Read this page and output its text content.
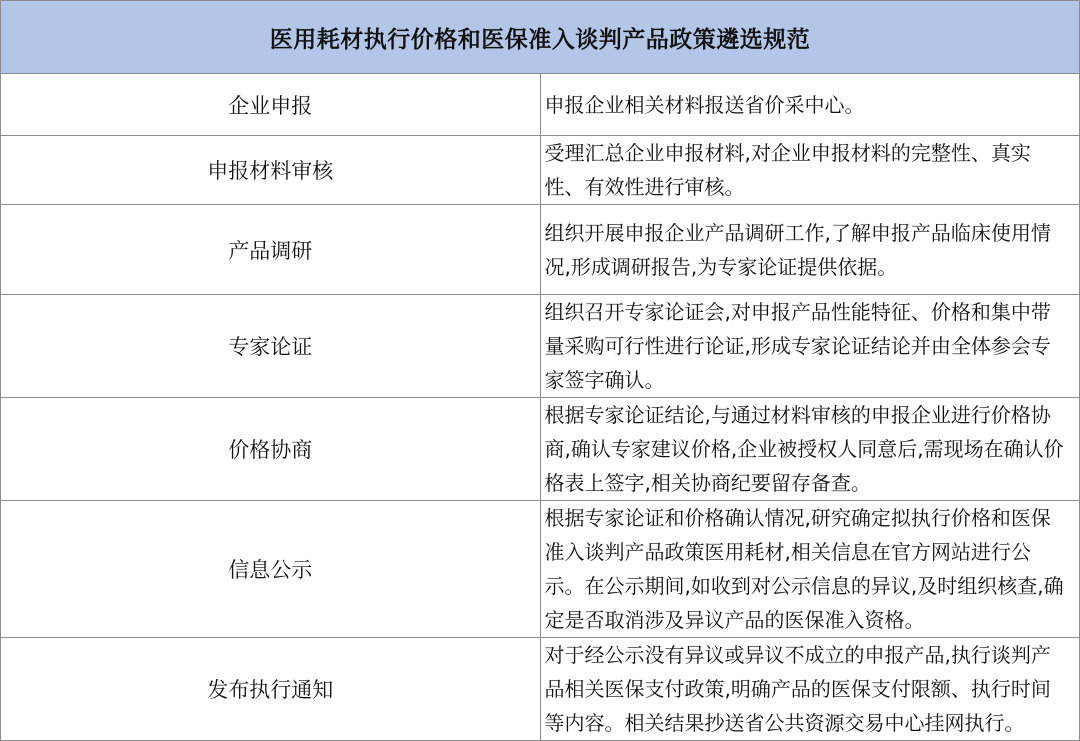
医用耗材执行价格和医保准入谈判产品政策遴选规范	
企业申报	申报企业相关材料报送省价采中心。
申报材料审核	受理汇总企业申报材料,对企业申报材料的完整性、真实性、有效性进行审核。
产品调研	组织开展申报企业产品调研工作,了解申报产品临床使用情况,形成调研报告,为专家论证提供依据。
专家论证	组织召开专家论证会,对申报产品性能特征、价格和集中带量采购可行性进行论证,形成专家论证结论并由全体参会专家签字确认。
价格协商	根据专家论证结论,与通过材料审核的申报企业进行价格协商,确认专家建议价格,企业被授权人同意后,需现场在确认价格表上签字,相关协商纪要留存备查。
信息公示	根据专家论证和价格确认情况,研究确定拟执行价格和医保准入谈判产品政策医用耗材,相关信息在官方网站进行公示。在公示期间,如收到对公示信息的异议,及时组织核查,确定是否取消涉及异议产品的医保准入资格。
发布执行通知	对于经公示没有异议或异议不成立的申报产品,执行谈判产品相关医保支付政策,明确产品的医保支付限额、执行时间等内容。相关结果抄送省公共资源交易中心挂网执行。
